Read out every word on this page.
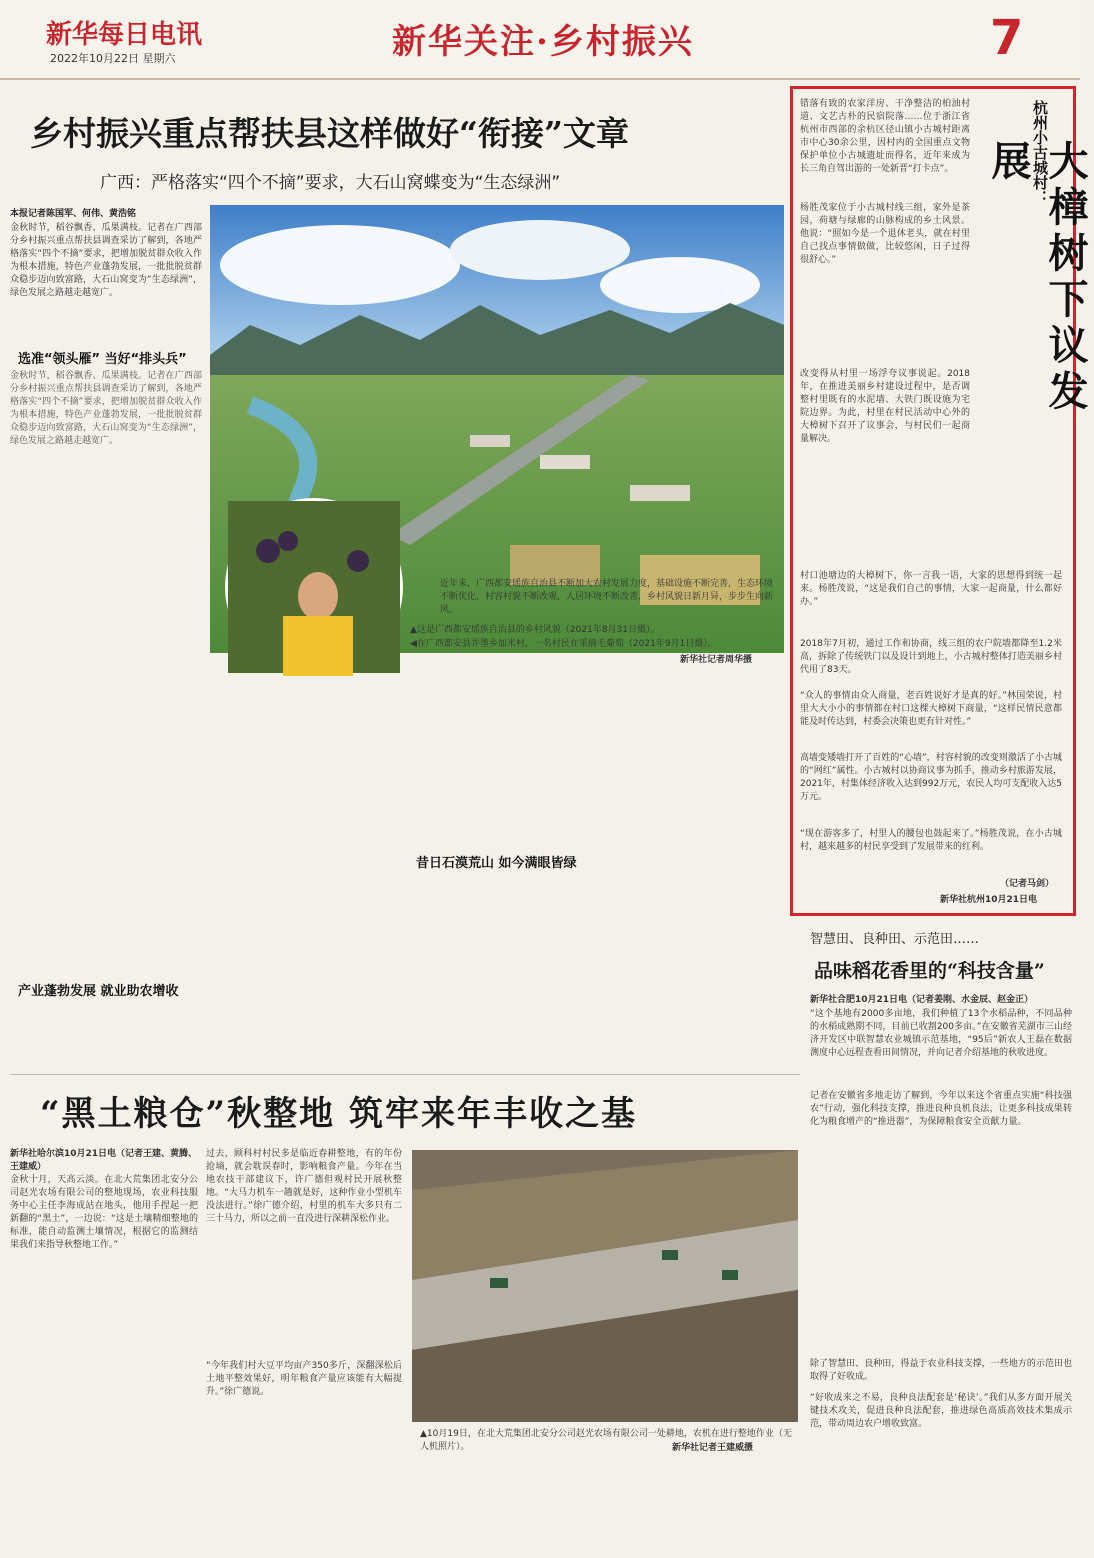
新华每日电讯
2022年10月22日 星期六	新华关注·乡村振兴	7
乡村振兴重点帮扶县这样做好“衔接”文章
广西：严格落实“四个不摘”要求，大石山窝蝶变为“生态绿洲”
本报记者陈国军、何伟、黄浩铭
金秋时节，稻谷飘香、瓜果满枝。记者在广西部分乡村振兴重点帮扶县调查采访了解到，各地严格落实“四个不摘”要求，把增加脱贫群众收入作为根本措施，特色产业蓬勃发展，一批批脱贫群众稳步迈向致富路，大石山窝变为“生态绿洲”，绿色发展之路越走越宽广。
选准“领头雁” 当好“排头兵”
金秋时节，稻谷飘香、瓜果满枝。记者在广西部分乡村振兴重点帮扶县调查采访了解到，各地严格落实“四个不摘”要求，把增加脱贫群众收入作为根本措施，特色产业蓬勃发展，一批批脱贫群众稳步迈向致富路，大石山窝变为“生态绿洲”，绿色发展之路越走越宽广。
产业蓬勃发展 就业助农增收
近年来，广西都安瑶族自治县不断加大农村发展力度，基础设施不断完善，生态环境不断优化，村容村貌不断改观，人居环境不断改善，乡村风貌日新月异，步步生向新风。
▲这是广西都安瑶族自治县的乡村风貌（2021年8月31日摄）。
◀在广西都安县弄墨乡加米村，一名村民在采摘毛葡萄（2021年9月1日摄）。
新华社记者周华摄
昔日石漠荒山 如今满眼皆绿
杭州小古城村：
大樟树下议发展
错落有致的农家洋房、干净整洁的柏油村道、文艺古朴的民宿院落……位于浙江省杭州市西部的余杭区径山镇小古城村距离市中心30余公里，因村内的全国重点文物保护单位小古城遗址而得名，近年来成为长三角自驾出游的一处新晋“打卡点”。
杨胜茂家位于小古城村线三组，家外是茶园，荷塘与绿廊的山脉构成的乡土风景。他说：“照如今是一个退休老头，就在村里自己找点事情做做，比较悠闲，日子过得很舒心。”
改变得从村里一场浮夸议事说起。2018年，在推进美丽乡村建设过程中，是否调整村里既有的水泥墙、大铁门既设施为宅院边界。为此，村里在村民活动中心外的大樟树下召开了议事会，与村民们一起商量解决。
村口池塘边的大樟树下，你一言我一语，大家的思想得到统一起来。杨胜茂说，“这是我们自己的事情，大家一起商量，什么都好办。”
2018年7月初，通过工作和协商，线三组的农户院墙都降至1.2米高，拆除了传统铁门以及设计到地上，小古城村整体打造美丽乡村代用了83天。
“众人的事情由众人商量，老百姓说好才是真的好。”林国荣说，村里大大小小的事情都在村口这棵大樟树下商量，“这样民情民意都能及时传达到，村委会决策也更有针对性。”
高墙变矮墙打开了百姓的“心墙”，村容村貌的改变则激活了小古城的“网红”属性。小古城村以协商议事为抓手，推动乡村旅游发展，2021年，村集体经济收入达到992万元，农民人均可支配收入达5万元。
“现在游客多了，村里人的腰包也鼓起来了。”杨胜茂说，在小古城村，越来越多的村民享受到了发展带来的红利。
（记者马剑）
新华社杭州10月21日电
智慧田、良种田、示范田……
品味稻花香里的“科技含量”
新华社合肥10月21日电（记者姜刚、水金辰、赵金正）
“这个基地有2000多亩地，我们种植了13个水稻品种，不同品种的水稻成熟期不同，目前已收割200多亩。”在安徽省芜湖市三山经济开发区中联智慧农业城镇示范基地，“95后”新农人王磊在数据测度中心远程查看田间情况，并向记者介绍基地的秋收进度。
记者在安徽省多地走访了解到，今年以来这个省重点实施“科技强农”行动，强化科技支撑，推进良种良机良法，让更多科技成果转化为粮食增产的“推进器”，为保障粮食安全贡献力量。
除了智慧田、良种田，得益于农业科技支撑，一些地方的示范田也取得了好收成。
“好收成来之不易，良种良法配套是‘秘诀’。”我们从多方面开展关键技术攻关，促进良种良法配套，推进绿色高质高效技术集成示范，带动周边农户增收致富。
“黑土粮仓”秋整地 筑牢来年丰收之基
新华社哈尔滨10月21日电（记者王建、黄腾、王建威）
金秋十月，天高云淡。在北大荒集团北安分公司赵光农场有限公司的整地现场，农业科技服务中心主任李海成站在地头，他用手捏起一把新翻的“黑土”，一边说：“这是土壤精细整地的标准，能自动监测土壤情况，根据它的监测结果我们来指导秋整地工作。”
过去，顾科村村民多是临近春耕整地，有的年份抢墒，就会耽误春时，影响粮食产量。今年在当地农技干部建议下，许广德但观村民开展秋整地。“大马力机车一趟就是好，这种作业小型机车没法进行。”徐广德介绍，村里的机车大多只有二三十马力，所以之前一直没进行深耕深松作业。
“今年我们村大豆平均亩产350多斤，深翻深松后土地平整效果好，明年粮食产量应该能有大幅提升。”徐广德说。
▲10月19日，在北大荒集团北安分公司赵光农场有限公司一处耕地，农机在进行整地作业（无人机照片）。	新华社记者王建威摄
